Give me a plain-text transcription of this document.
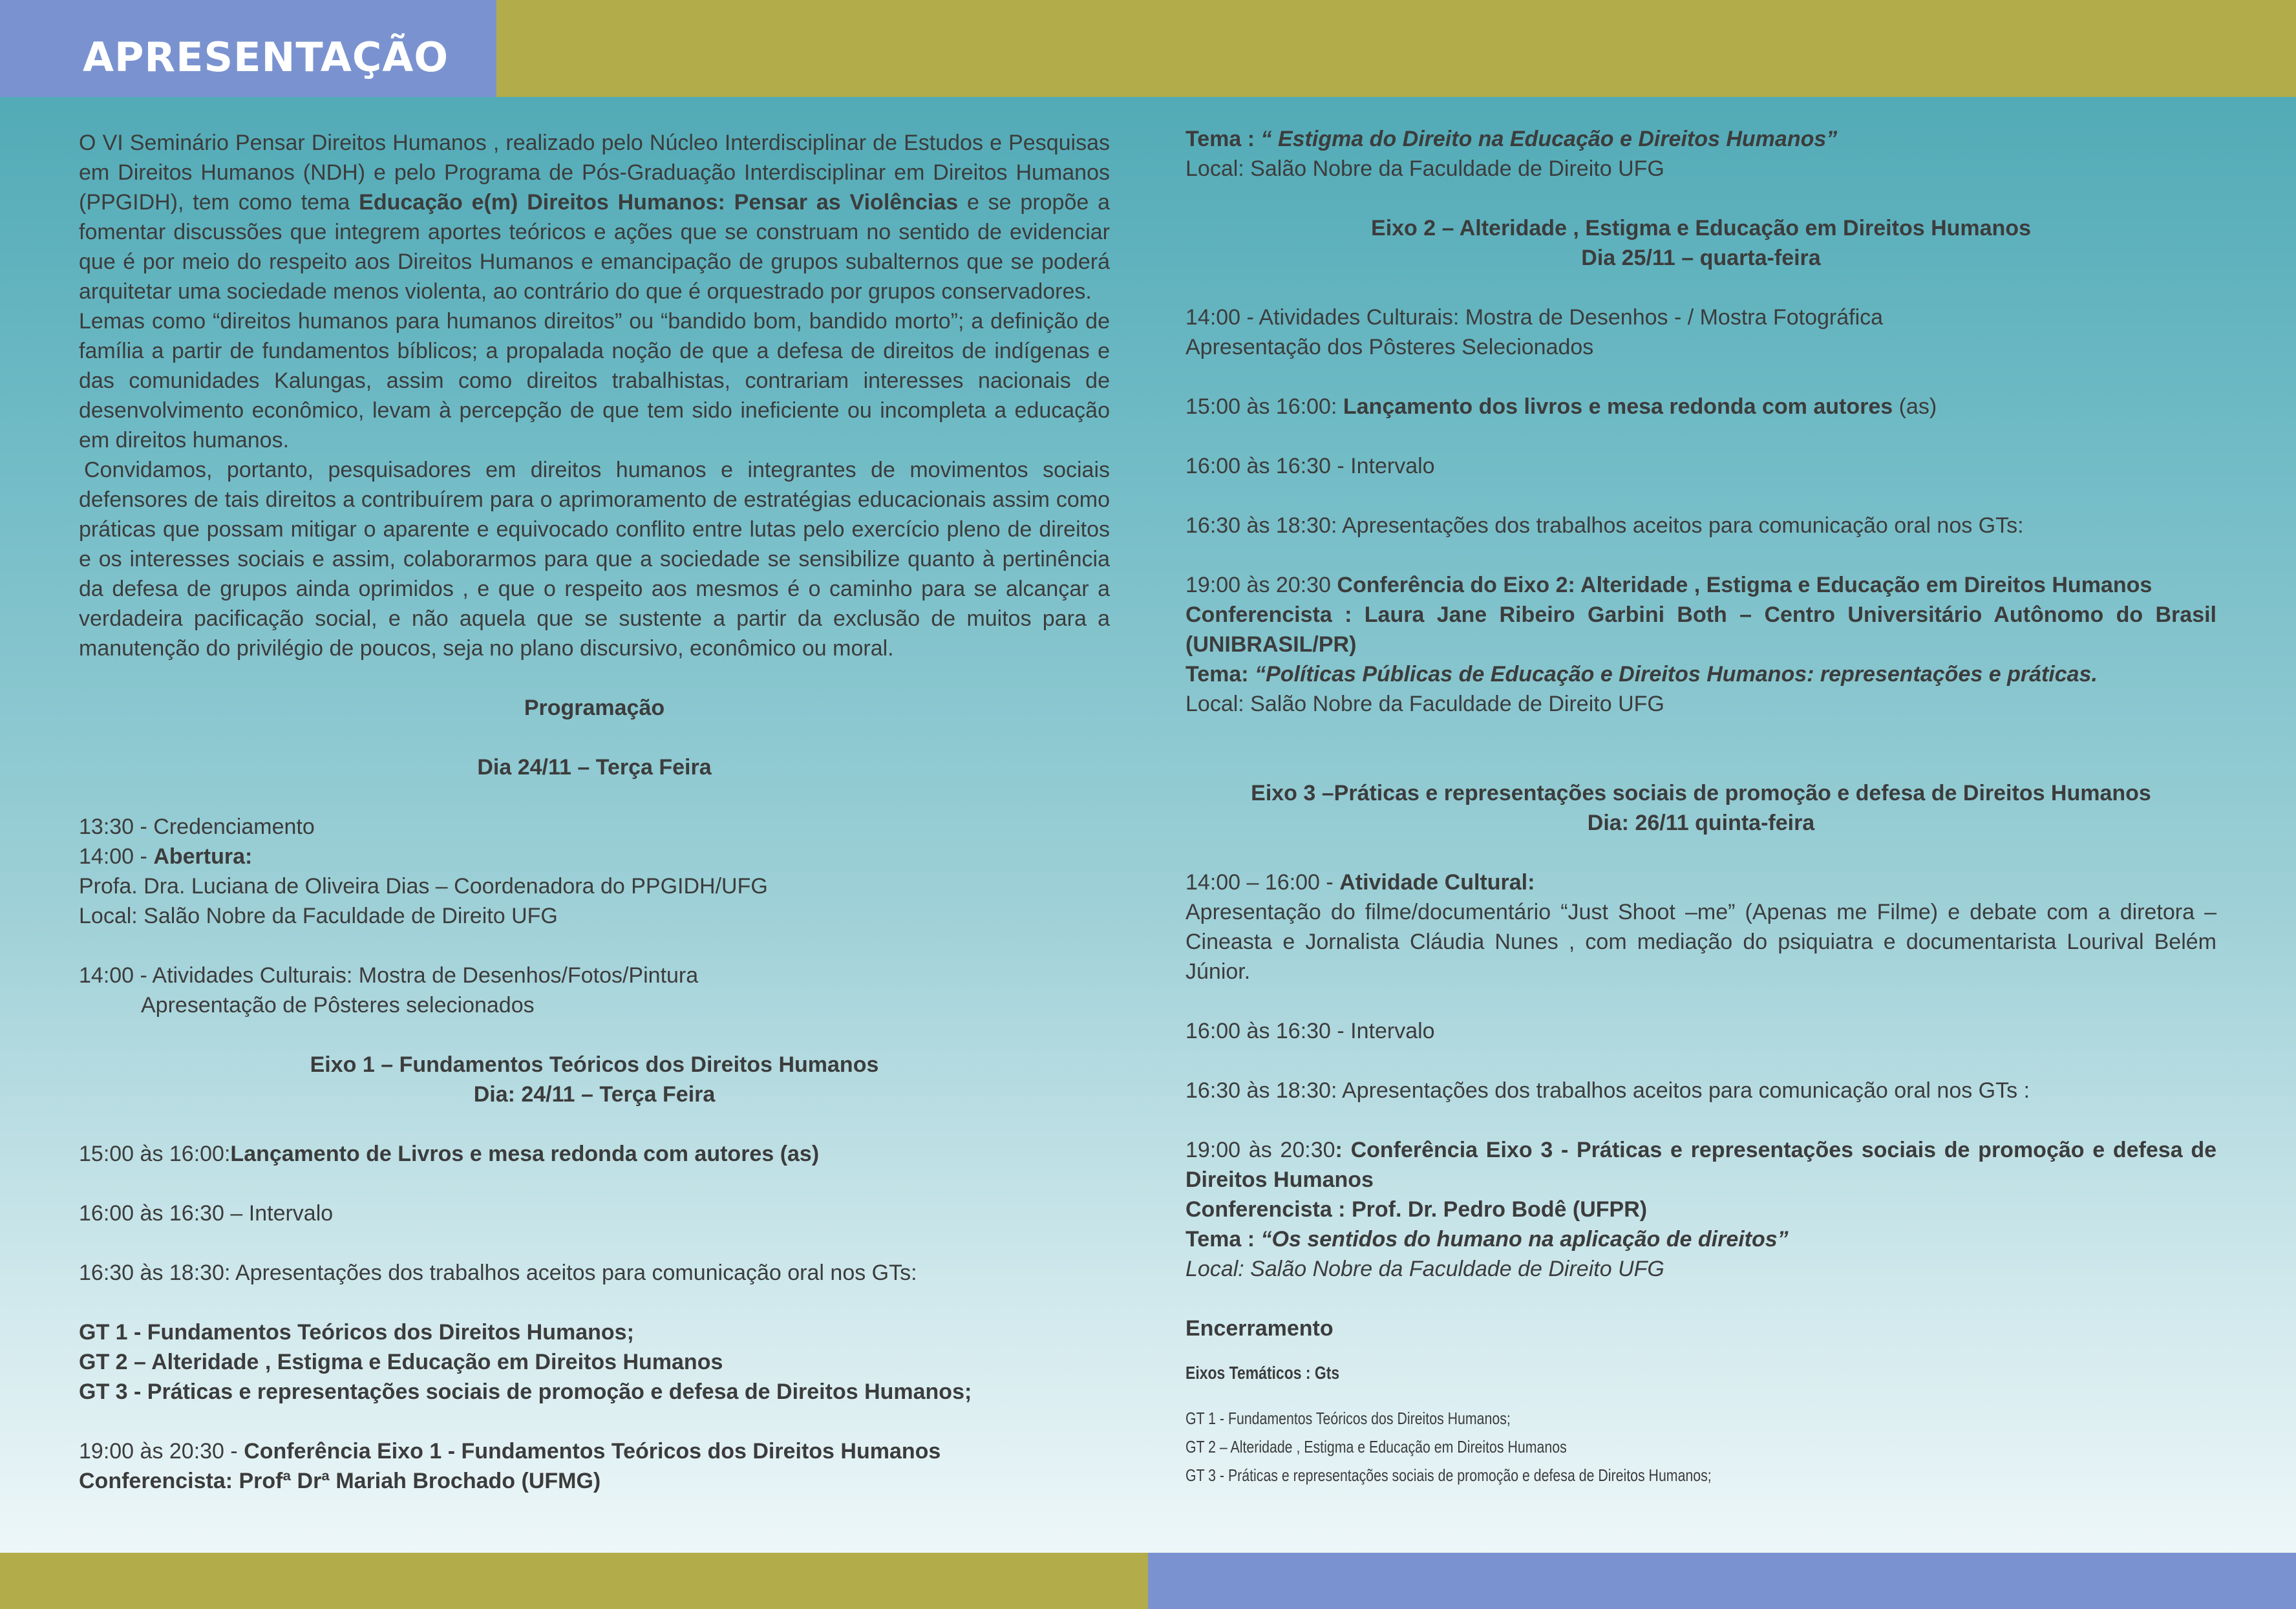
APRESENTAÇÃO

O VI Seminário Pensar Direitos Humanos , realizado pelo Núcleo Interdisciplinar de Estudos e Pesquisas em Direitos Humanos (NDH) e pelo Programa de Pós-Graduação Interdisciplinar em Direitos Humanos (PPGIDH), tem como tema Educação e(m) Direitos Humanos: Pensar as Violências e se propõe a fomentar discussões que integrem aportes teóricos e ações que se construam no sentido de evidenciar que é por meio do respeito aos Direitos Humanos e emancipação de grupos subalternos que se poderá arquitetar uma sociedade menos violenta, ao contrário do que é orquestrado por grupos conservadores.

Lemas como “direitos humanos para humanos direitos” ou “bandido bom, bandido morto”; a definição de família a partir de fundamentos bíblicos; a propalada noção de que a defesa de direitos de indígenas e das comunidades Kalungas, assim como direitos trabalhistas, contrariam interesses nacionais de desenvolvimento econômico, levam à percepção de que tem sido ineficiente ou incompleta a educação em direitos humanos.

Convidamos, portanto, pesquisadores em direitos humanos e integrantes de movimentos sociais defensores de tais direitos a contribuírem para o aprimoramento de estratégias educacionais assim como práticas que possam mitigar o aparente e equivocado conflito entre lutas pelo exercício pleno de direitos e os interesses sociais e assim, colaborarmos para que a sociedade se sensibilize quanto à pertinência da defesa de grupos ainda oprimidos , e que o respeito aos mesmos é o caminho para se alcançar a verdadeira pacificação social, e não aquela que se sustente a partir da exclusão de muitos para a manutenção do privilégio de poucos, seja no plano discursivo, econômico ou moral.

Programação
Dia 24/11 – Terça Feira
13:30 - Credenciamento
14:00 - Abertura:
Profa. Dra. Luciana de Oliveira Dias – Coordenadora do PPGIDH/UFG
Local: Salão Nobre da Faculdade de Direito UFG
14:00 - Atividades Culturais: Mostra de Desenhos/Fotos/Pintura
Apresentação de Pôsteres selecionados
Eixo 1 – Fundamentos Teóricos dos Direitos Humanos
Dia: 24/11 – Terça Feira
15:00 às 16:00:Lançamento de Livros e mesa redonda com autores (as)
16:00 às 16:30 – Intervalo
16:30 às 18:30: Apresentações dos trabalhos aceitos para comunicação oral nos GTs:
GT 1 - Fundamentos Teóricos dos Direitos Humanos;
GT 2 – Alteridade , Estigma e Educação em Direitos Humanos
GT 3 - Práticas e representações sociais de promoção e defesa de Direitos Humanos;
19:00 às 20:30 - Conferência Eixo 1 - Fundamentos Teóricos dos Direitos Humanos
Conferencista: Profª Drª Mariah Brochado (UFMG)
Tema : “ Estigma do Direito na Educação e Direitos Humanos”
Local: Salão Nobre da Faculdade de Direito UFG
Eixo 2 – Alteridade , Estigma e Educação em Direitos Humanos
Dia 25/11 – quarta-feira
14:00 - Atividades Culturais: Mostra de Desenhos - / Mostra Fotográfica
Apresentação dos Pôsteres Selecionados
15:00 às 16:00: Lançamento dos livros e mesa redonda com autores (as)
16:00 às 16:30 - Intervalo
16:30 às 18:30: Apresentações dos trabalhos aceitos para comunicação oral nos GTs:
19:00 às 20:30 Conferência do Eixo 2: Alteridade , Estigma e Educação em Direitos Humanos
Conferencista : Laura Jane Ribeiro Garbini Both – Centro Universitário Autônomo do Brasil (UNIBRASIL/PR)
Tema: “Políticas Públicas de Educação e Direitos Humanos: representações e práticas.
Local: Salão Nobre da Faculdade de Direito UFG
Eixo 3 –Práticas e representações sociais de promoção e defesa de Direitos Humanos
Dia: 26/11 quinta-feira
14:00 – 16:00 - Atividade Cultural:
Apresentação do filme/documentário “Just Shoot –me” (Apenas me Filme) e debate com a diretora – Cineasta e Jornalista Cláudia Nunes , com mediação do psiquiatra e documentarista Lourival Belém Júnior.
16:00 às 16:30 - Intervalo
16:30 às 18:30: Apresentações dos trabalhos aceitos para comunicação oral nos GTs :
19:00 às 20:30: Conferência Eixo 3 - Práticas e representações sociais de promoção e defesa de Direitos Humanos
Conferencista : Prof. Dr. Pedro Bodê (UFPR)
Tema : “Os sentidos do humano na aplicação de direitos”
Local: Salão Nobre da Faculdade de Direito UFG
Encerramento
Eixos Temáticos : Gts
GT 1 - Fundamentos Teóricos dos Direitos Humanos;
GT 2 – Alteridade , Estigma e Educação em Direitos Humanos
GT 3 - Práticas e representações sociais de promoção e defesa de Direitos Humanos;
